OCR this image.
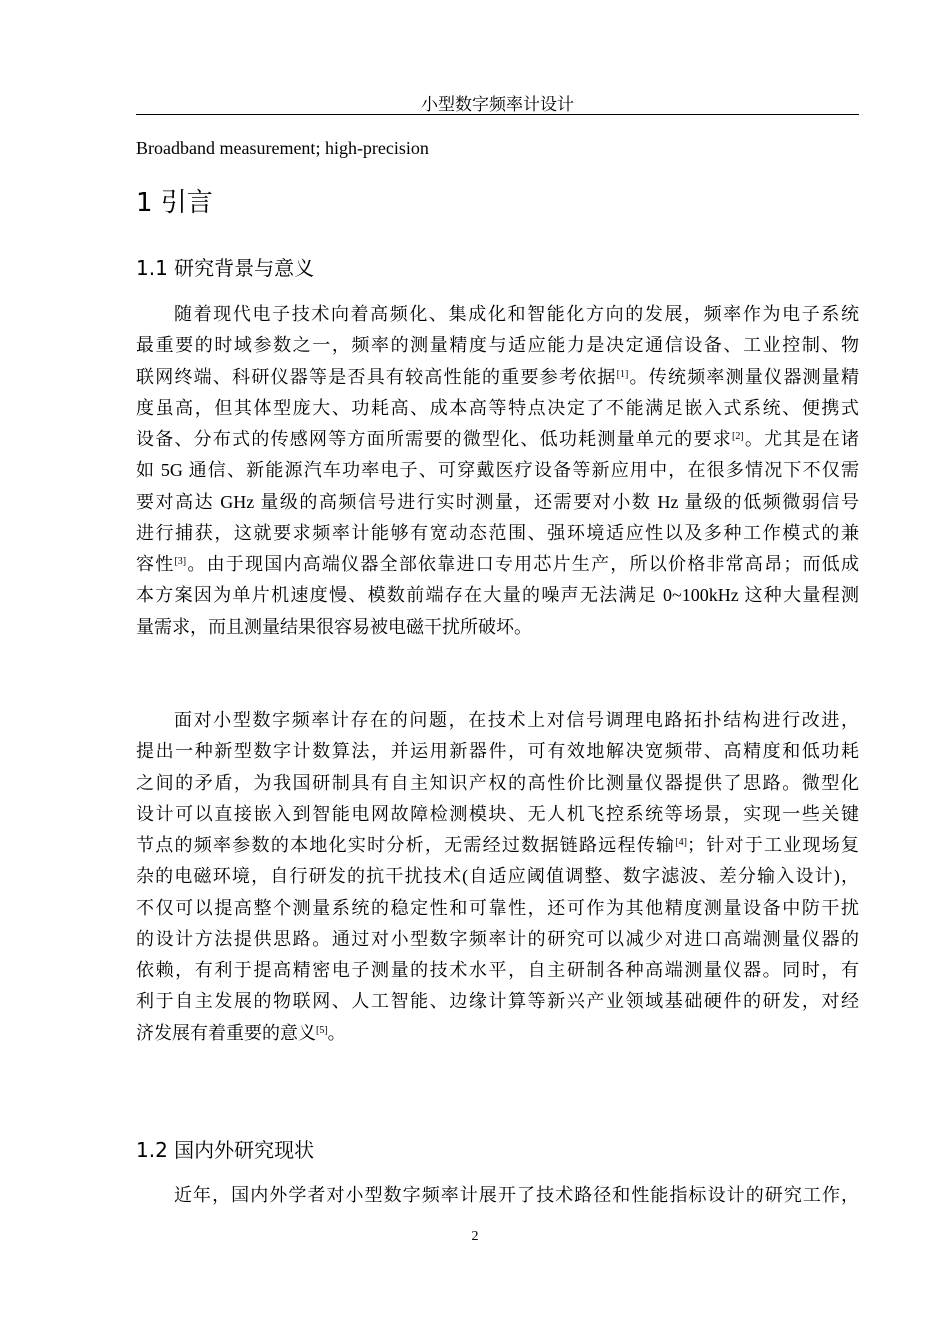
小型数字频率计设计
Broadband measurement; high-precision
1 引言
1.1 研究背景与意义
随着现代电子技术向着高频化、集成化和智能化方向的发展，频率作为电子系统
最重要的时域参数之一，频率的测量精度与适应能力是决定通信设备、工业控制、物
联网终端、科研仪器等是否具有较高性能的重要参考依据[1]。传统频率测量仪器测量精
度虽高，但其体型庞大、功耗高、成本高等特点决定了不能满足嵌入式系统、便携式
设备、分布式的传感网等方面所需要的微型化、低功耗测量单元的要求[2]。尤其是在诸
如 5G 通信、新能源汽车功率电子、可穿戴医疗设备等新应用中，在很多情况下不仅需
要对高达 GHz 量级的高频信号进行实时测量，还需要对小数 Hz 量级的低频微弱信号
进行捕获，这就要求频率计能够有宽动态范围、强环境适应性以及多种工作模式的兼
容性[3]。由于现国内高端仪器全部依靠进口专用芯片生产，所以价格非常高昂；而低成
本方案因为单片机速度慢、模数前端存在大量的噪声无法满足 0~100kHz 这种大量程测
量需求，而且测量结果很容易被电磁干扰所破坏。
面对小型数字频率计存在的问题，在技术上对信号调理电路拓扑结构进行改进，
提出一种新型数字计数算法，并运用新器件，可有效地解决宽频带、高精度和低功耗
之间的矛盾，为我国研制具有自主知识产权的高性价比测量仪器提供了思路。微型化
设计可以直接嵌入到智能电网故障检测模块、无人机飞控系统等场景，实现一些关键
节点的频率参数的本地化实时分析，无需经过数据链路远程传输[4]；针对于工业现场复
杂的电磁环境，自行研发的抗干扰技术(自适应阈值调整、数字滤波、差分输入设计)，
不仅可以提高整个测量系统的稳定性和可靠性，还可作为其他精度测量设备中防干扰
的设计方法提供思路。通过对小型数字频率计的研究可以减少对进口高端测量仪器的
依赖，有利于提高精密电子测量的技术水平，自主研制各种高端测量仪器。同时，有
利于自主发展的物联网、人工智能、边缘计算等新兴产业领域基础硬件的研发，对经
济发展有着重要的意义[5]。
1.2 国内外研究现状
近年，国内外学者对小型数字频率计展开了技术路径和性能指标设计的研究工作，
2
